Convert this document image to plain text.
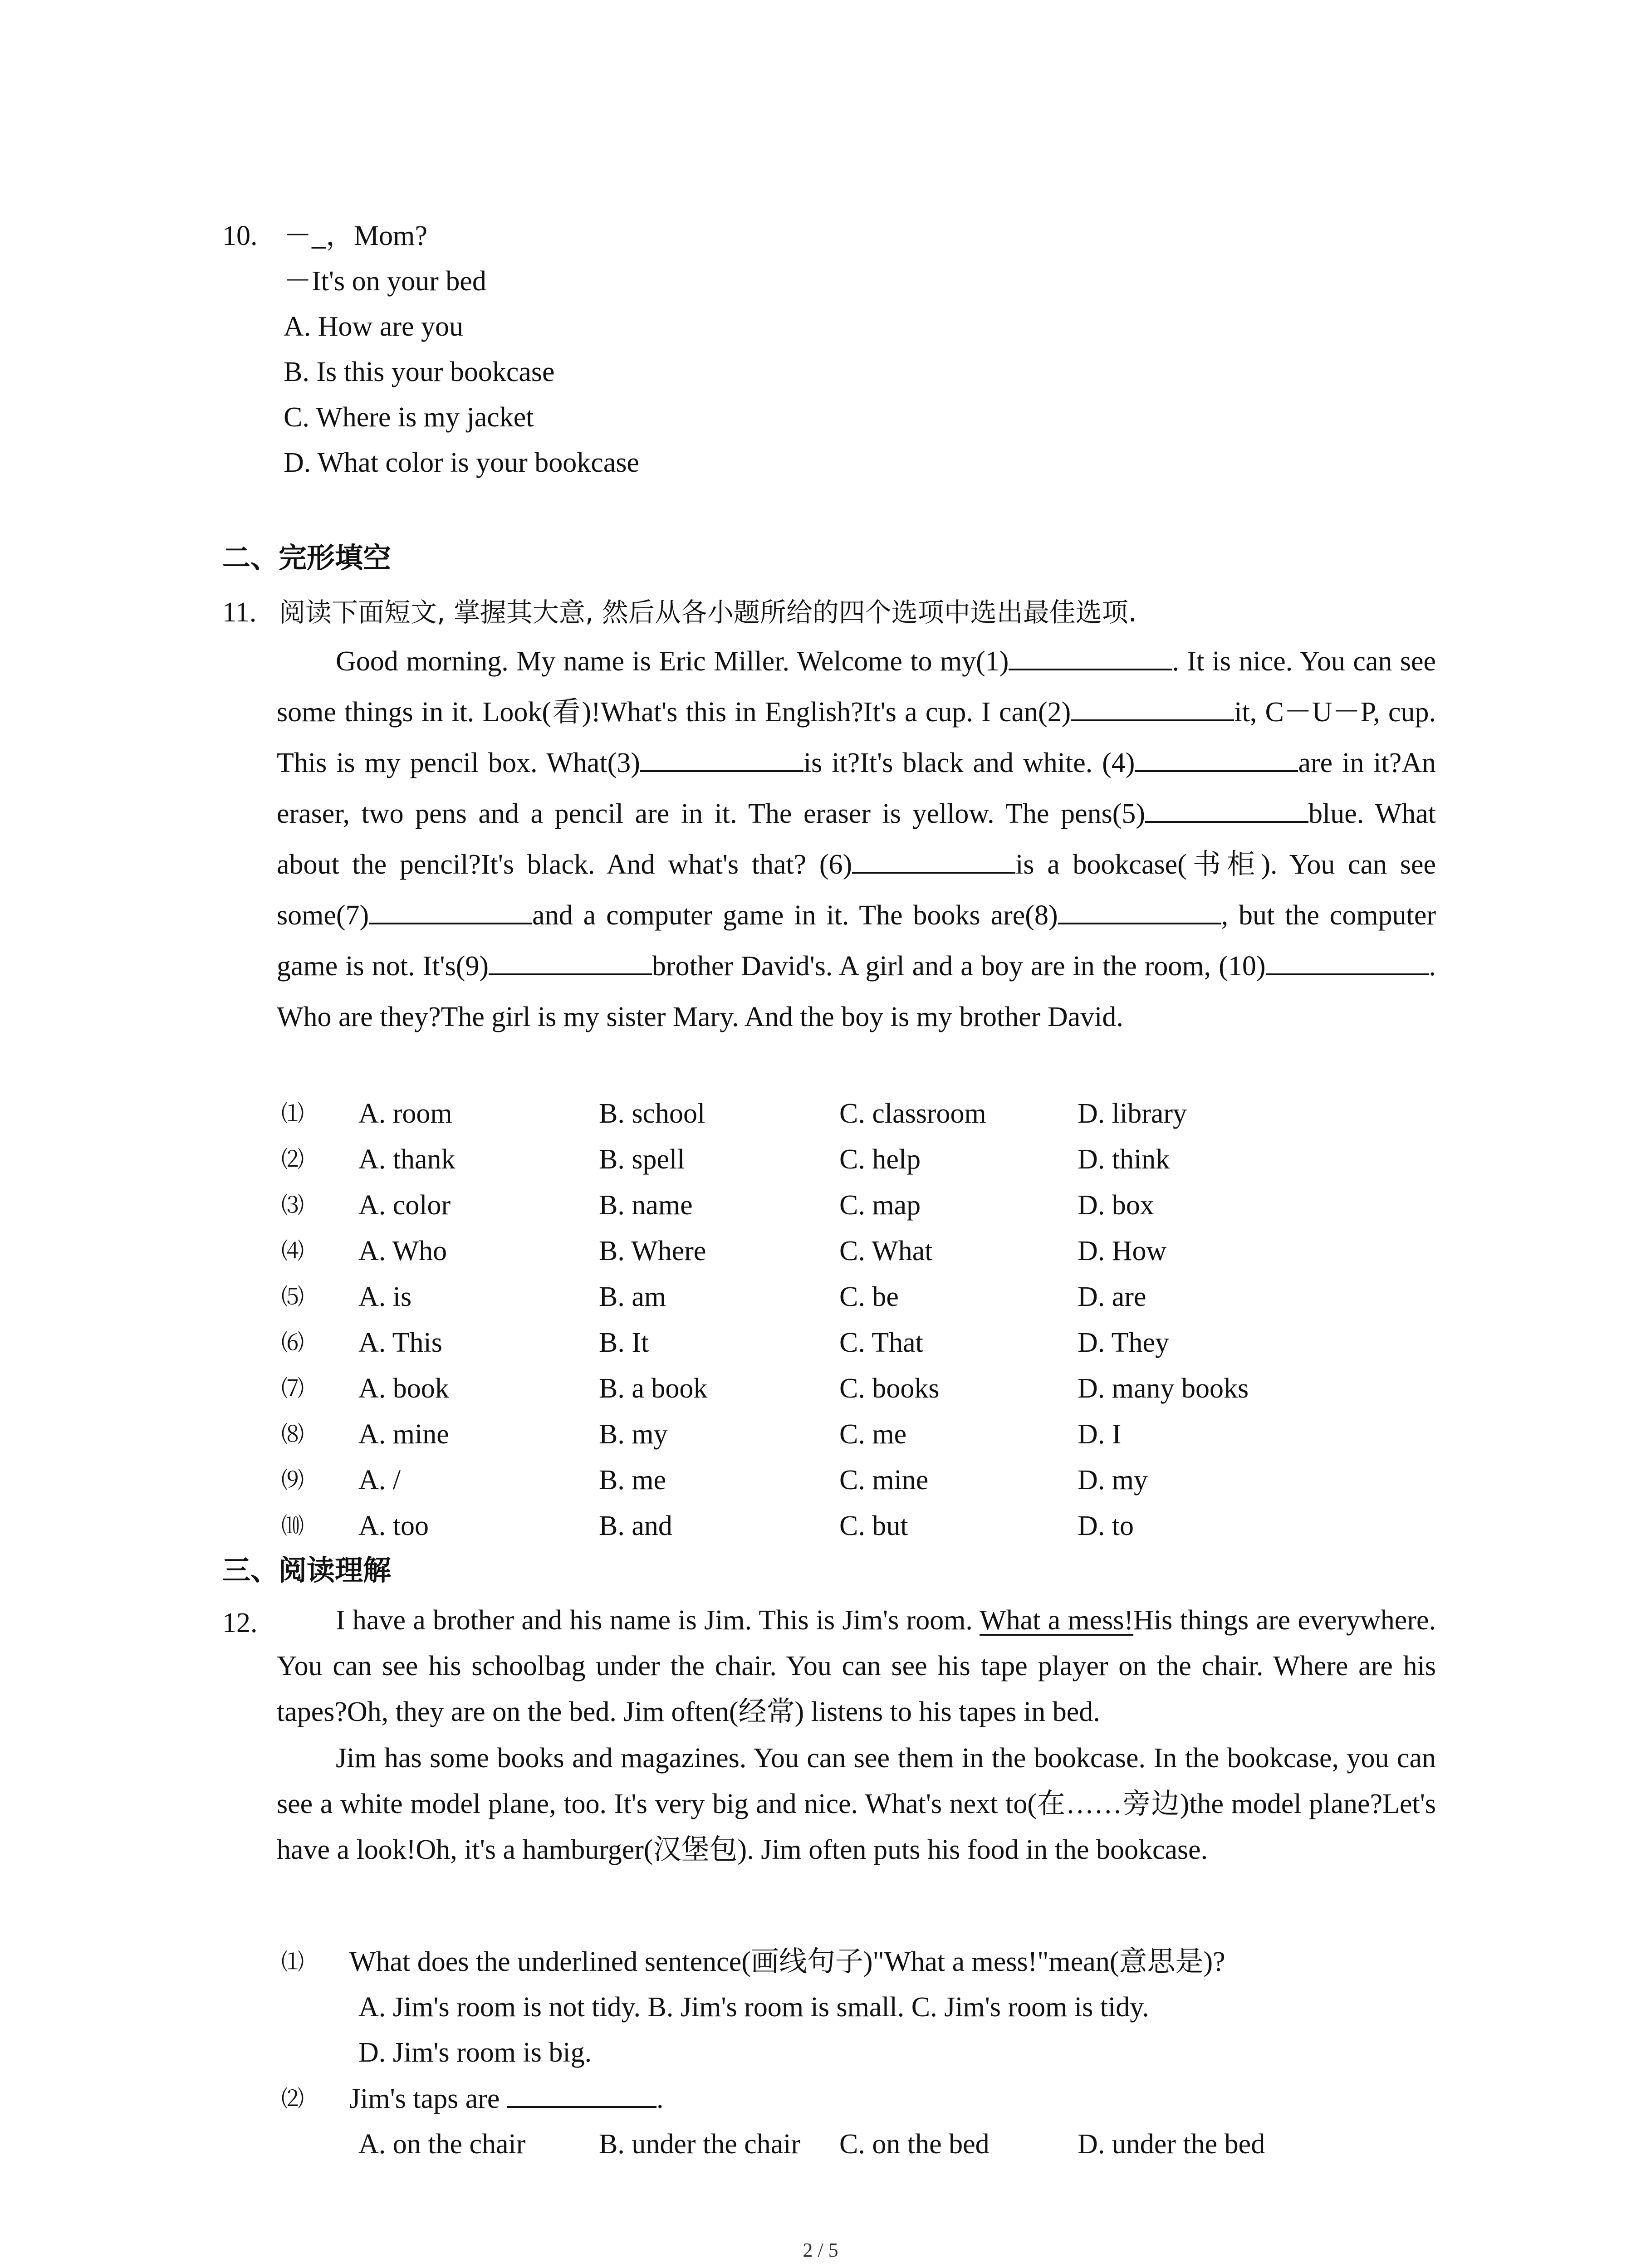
10. －_，Mom?
－It's on your bed
A. How are you
B. Is this your bookcase
C. Where is my jacket
D. What color is your bookcase
二、完形填空
11. 阅读下面短文, 掌握其大意, 然后从各小题所给的四个选项中选出最佳选项.
Good morning. My name is Eric Miller. Welcome to my(1)	. It is nice. You can see some things in it. Look(看)!What's this in English?It's a cup. I can(2)	it, C－U－P, cup. This is my pencil box. What(3)	is it?It's black and white. (4)	are in it?An eraser, two pens and a pencil are in it. The eraser is yellow. The pens(5)	blue. What about the pencil?It's black. And what's that? (6)	is a bookcase(书柜). You can see some(7)	and a computer game in it. The books are(8)	, but the computer game is not. It's(9)	brother David's. A girl and a boy are in the room, (10)	. Who are they?The girl is my sister Mary. And the boy is my brother David.
⑴ A. room	B. school	C. classroom	D. library
⑵ A. thank	B. spell	C. help	D. think
⑶ A. color	B. name	C. map	D. box
⑷ A. Who	B. Where	C. What	D. How
⑸ A. is	B. am	C. be	D. are
⑹ A. This	B. It	C. That	D. They
⑺ A. book	B. a book	C. books	D. many books
⑻ A. mine	B. my	C. me	D. I
⑼ A. /	B. me	C. mine	D. my
⑽ A. too	B. and	C. but	D. to
三、阅读理解
12.	I have a brother and his name is Jim. This is Jim's room. What a mess!His things are everywhere. You can see his schoolbag under the chair. You can see his tape player on the chair. Where are his tapes?Oh, they are on the bed. Jim often(经常) listens to his tapes in bed.
Jim has some books and magazines. You can see them in the bookcase. In the bookcase, you can see a white model plane, too. It's very big and nice. What's next to(在……旁边)the model plane?Let's have a look!Oh, it's a hamburger(汉堡包). Jim often puts his food in the bookcase.
⑴ What does the underlined sentence(画线句子)"What a mess!"mean(意思是)?
A. Jim's room is not tidy. B. Jim's room is small. C. Jim's room is tidy.
D. Jim's room is big.
⑵ Jim's taps are	.
A. on the chair	B. under the chair C. on the bed	D. under the bed
2 / 5
